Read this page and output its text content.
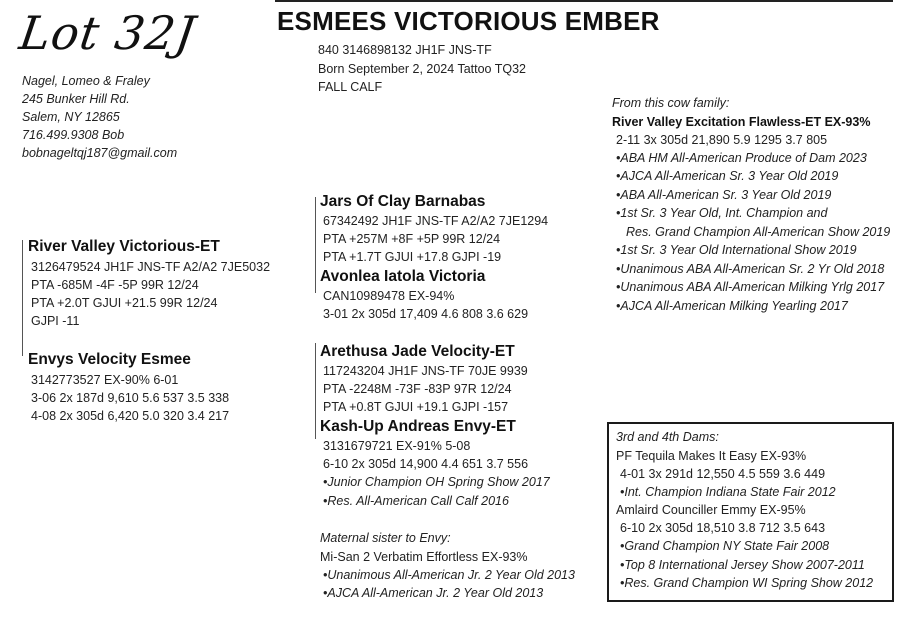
Lot 32J	ESMEES VICTORIOUS EMBER
840 3146898132 JH1F JNS-TF
Born September 2, 2024 Tattoo TQ32
FALL CALF
Nagel, Lomeo & Fraley
245 Bunker Hill Rd.
Salem, NY 12865
716.499.9308 Bob
bobnageltqj187@gmail.com
River Valley Victorious-ET
3126479524 JH1F JNS-TF A2/A2 7JE5032
PTA -685M -4F -5P 99R 12/24
PTA +2.0T GJUI +21.5 99R 12/24
GJPI -11
Envys Velocity Esmee
3142773527 EX-90% 6-01
3-06 2x 187d 9,610 5.6 537 3.5 338
4-08 2x 305d 6,420 5.0 320 3.4 217
Jars Of Clay Barnabas
67342492 JH1F JNS-TF A2/A2 7JE1294
PTA +257M +8F +5P 99R 12/24
PTA +1.7T GJUI +17.8 GJPI -19
Avonlea Iatola Victoria
CAN10989478 EX-94%
3-01 2x 305d 17,409 4.6 808 3.6 629
Arethusa Jade Velocity-ET
117243204 JH1F JNS-TF 70JE 9939
PTA -2248M -73F -83P 97R 12/24
PTA +0.8T GJUI +19.1 GJPI -157
Kash-Up Andreas Envy-ET
3131679721 EX-91% 5-08
6-10 2x 305d 14,900 4.4 651 3.7 556
•Junior Champion OH Spring Show 2017
•Res. All-American Call Calf 2016
Maternal sister to Envy:
Mi-San 2 Verbatim Effortless EX-93%
•Unanimous All-American Jr. 2 Year Old 2013
•AJCA All-American Jr. 2 Year Old 2013
From this cow family:
River Valley Excitation Flawless-ET EX-93%
2-11 3x 305d 21,890 5.9 1295 3.7 805
•ABA HM All-American Produce of Dam 2023
•AJCA All-American Sr. 3 Year Old 2019
•ABA All-American Sr. 3 Year Old 2019
•1st Sr. 3 Year Old, Int. Champion and
Res. Grand Champion All-American Show 2019
•1st Sr. 3 Year Old International Show 2019
•Unanimous ABA All-American Sr. 2 Yr Old 2018
•Unanimous ABA All-American Milking Yrlg 2017
•AJCA All-American Milking Yearling 2017
3rd and 4th Dams:
PF Tequila Makes It Easy EX-93%
4-01 3x 291d 12,550 4.5 559 3.6 449
•Int. Champion Indiana State Fair 2012
Amlaird Counciller Emmy EX-95%
6-10 2x 305d 18,510 3.8 712 3.5 643
•Grand Champion NY State Fair 2008
•Top 8 International Jersey Show 2007-2011
•Res. Grand Champion WI Spring Show 2012
